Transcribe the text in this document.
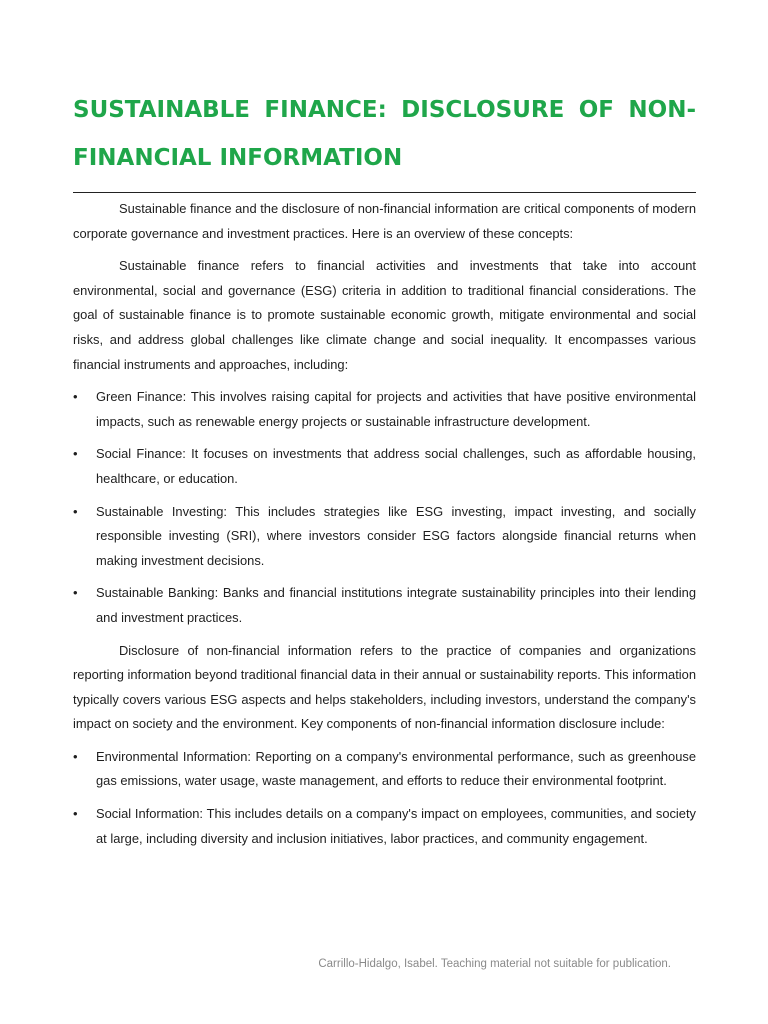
SUSTAINABLE FINANCE: DISCLOSURE OF NON-FINANCIAL INFORMATION

Sustainable finance and the disclosure of non-financial information are critical components of modern corporate governance and investment practices. Here is an overview of these concepts:

Sustainable finance refers to financial activities and investments that take into account environmental, social and governance (ESG) criteria in addition to traditional financial considerations. The goal of sustainable finance is to promote sustainable economic growth, mitigate environmental and social risks, and address global challenges like climate change and social inequality. It encompasses various financial instruments and approaches, including:

• Green Finance: This involves raising capital for projects and activities that have positive environmental impacts, such as renewable energy projects or sustainable infrastructure development.
• Social Finance: It focuses on investments that address social challenges, such as affordable housing, healthcare, or education.
• Sustainable Investing: This includes strategies like ESG investing, impact investing, and socially responsible investing (SRI), where investors consider ESG factors alongside financial returns when making investment decisions.
• Sustainable Banking: Banks and financial institutions integrate sustainability principles into their lending and investment practices.

Disclosure of non-financial information refers to the practice of companies and organizations reporting information beyond traditional financial data in their annual or sustainability reports. This information typically covers various ESG aspects and helps stakeholders, including investors, understand the company's impact on society and the environment. Key components of non-financial information disclosure include:

• Environmental Information: Reporting on a company's environmental performance, such as greenhouse gas emissions, water usage, waste management, and efforts to reduce their environmental footprint.
• Social Information: This includes details on a company's impact on employees, communities, and society at large, including diversity and inclusion initiatives, labor practices, and community engagement.
Carrillo-Hidalgo, Isabel. Teaching material not suitable for publication.
